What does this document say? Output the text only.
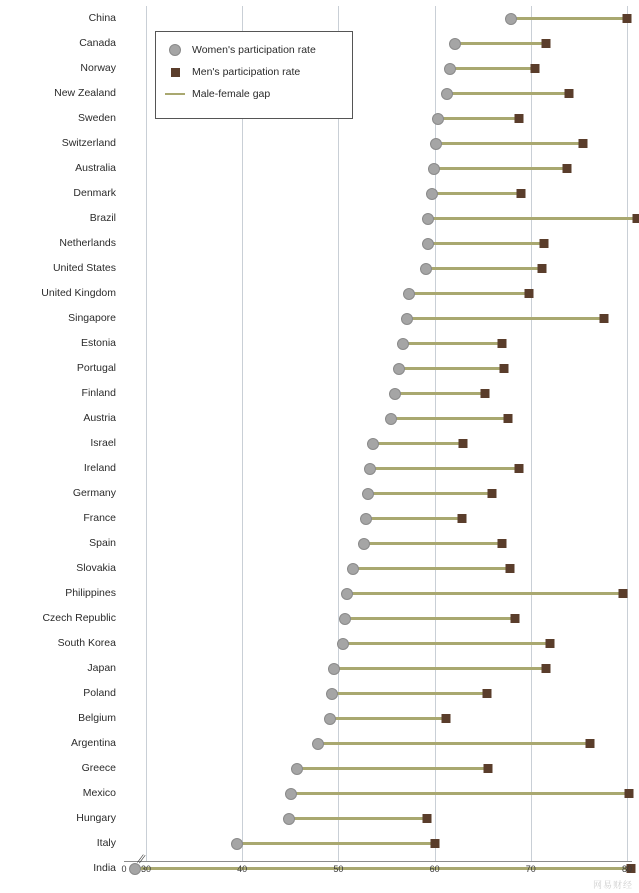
China
Canada
Norway
New Zealand
Sweden
Switzerland
Australia
Denmark
Brazil
Netherlands
United States
United Kingdom
Singapore
Estonia
Portugal
Finland
Austria
Israel
Ireland
Germany
France
Spain
Slovakia
Philippines
Czech Republic
South Korea
Japan
Poland
Belgium
Argentina
Greece
Mexico
Hungary
Italy
India
//
0 30	40	50	60	70	80
Women's participation rate
Men's participation rate
Male-female gap
网易财经
